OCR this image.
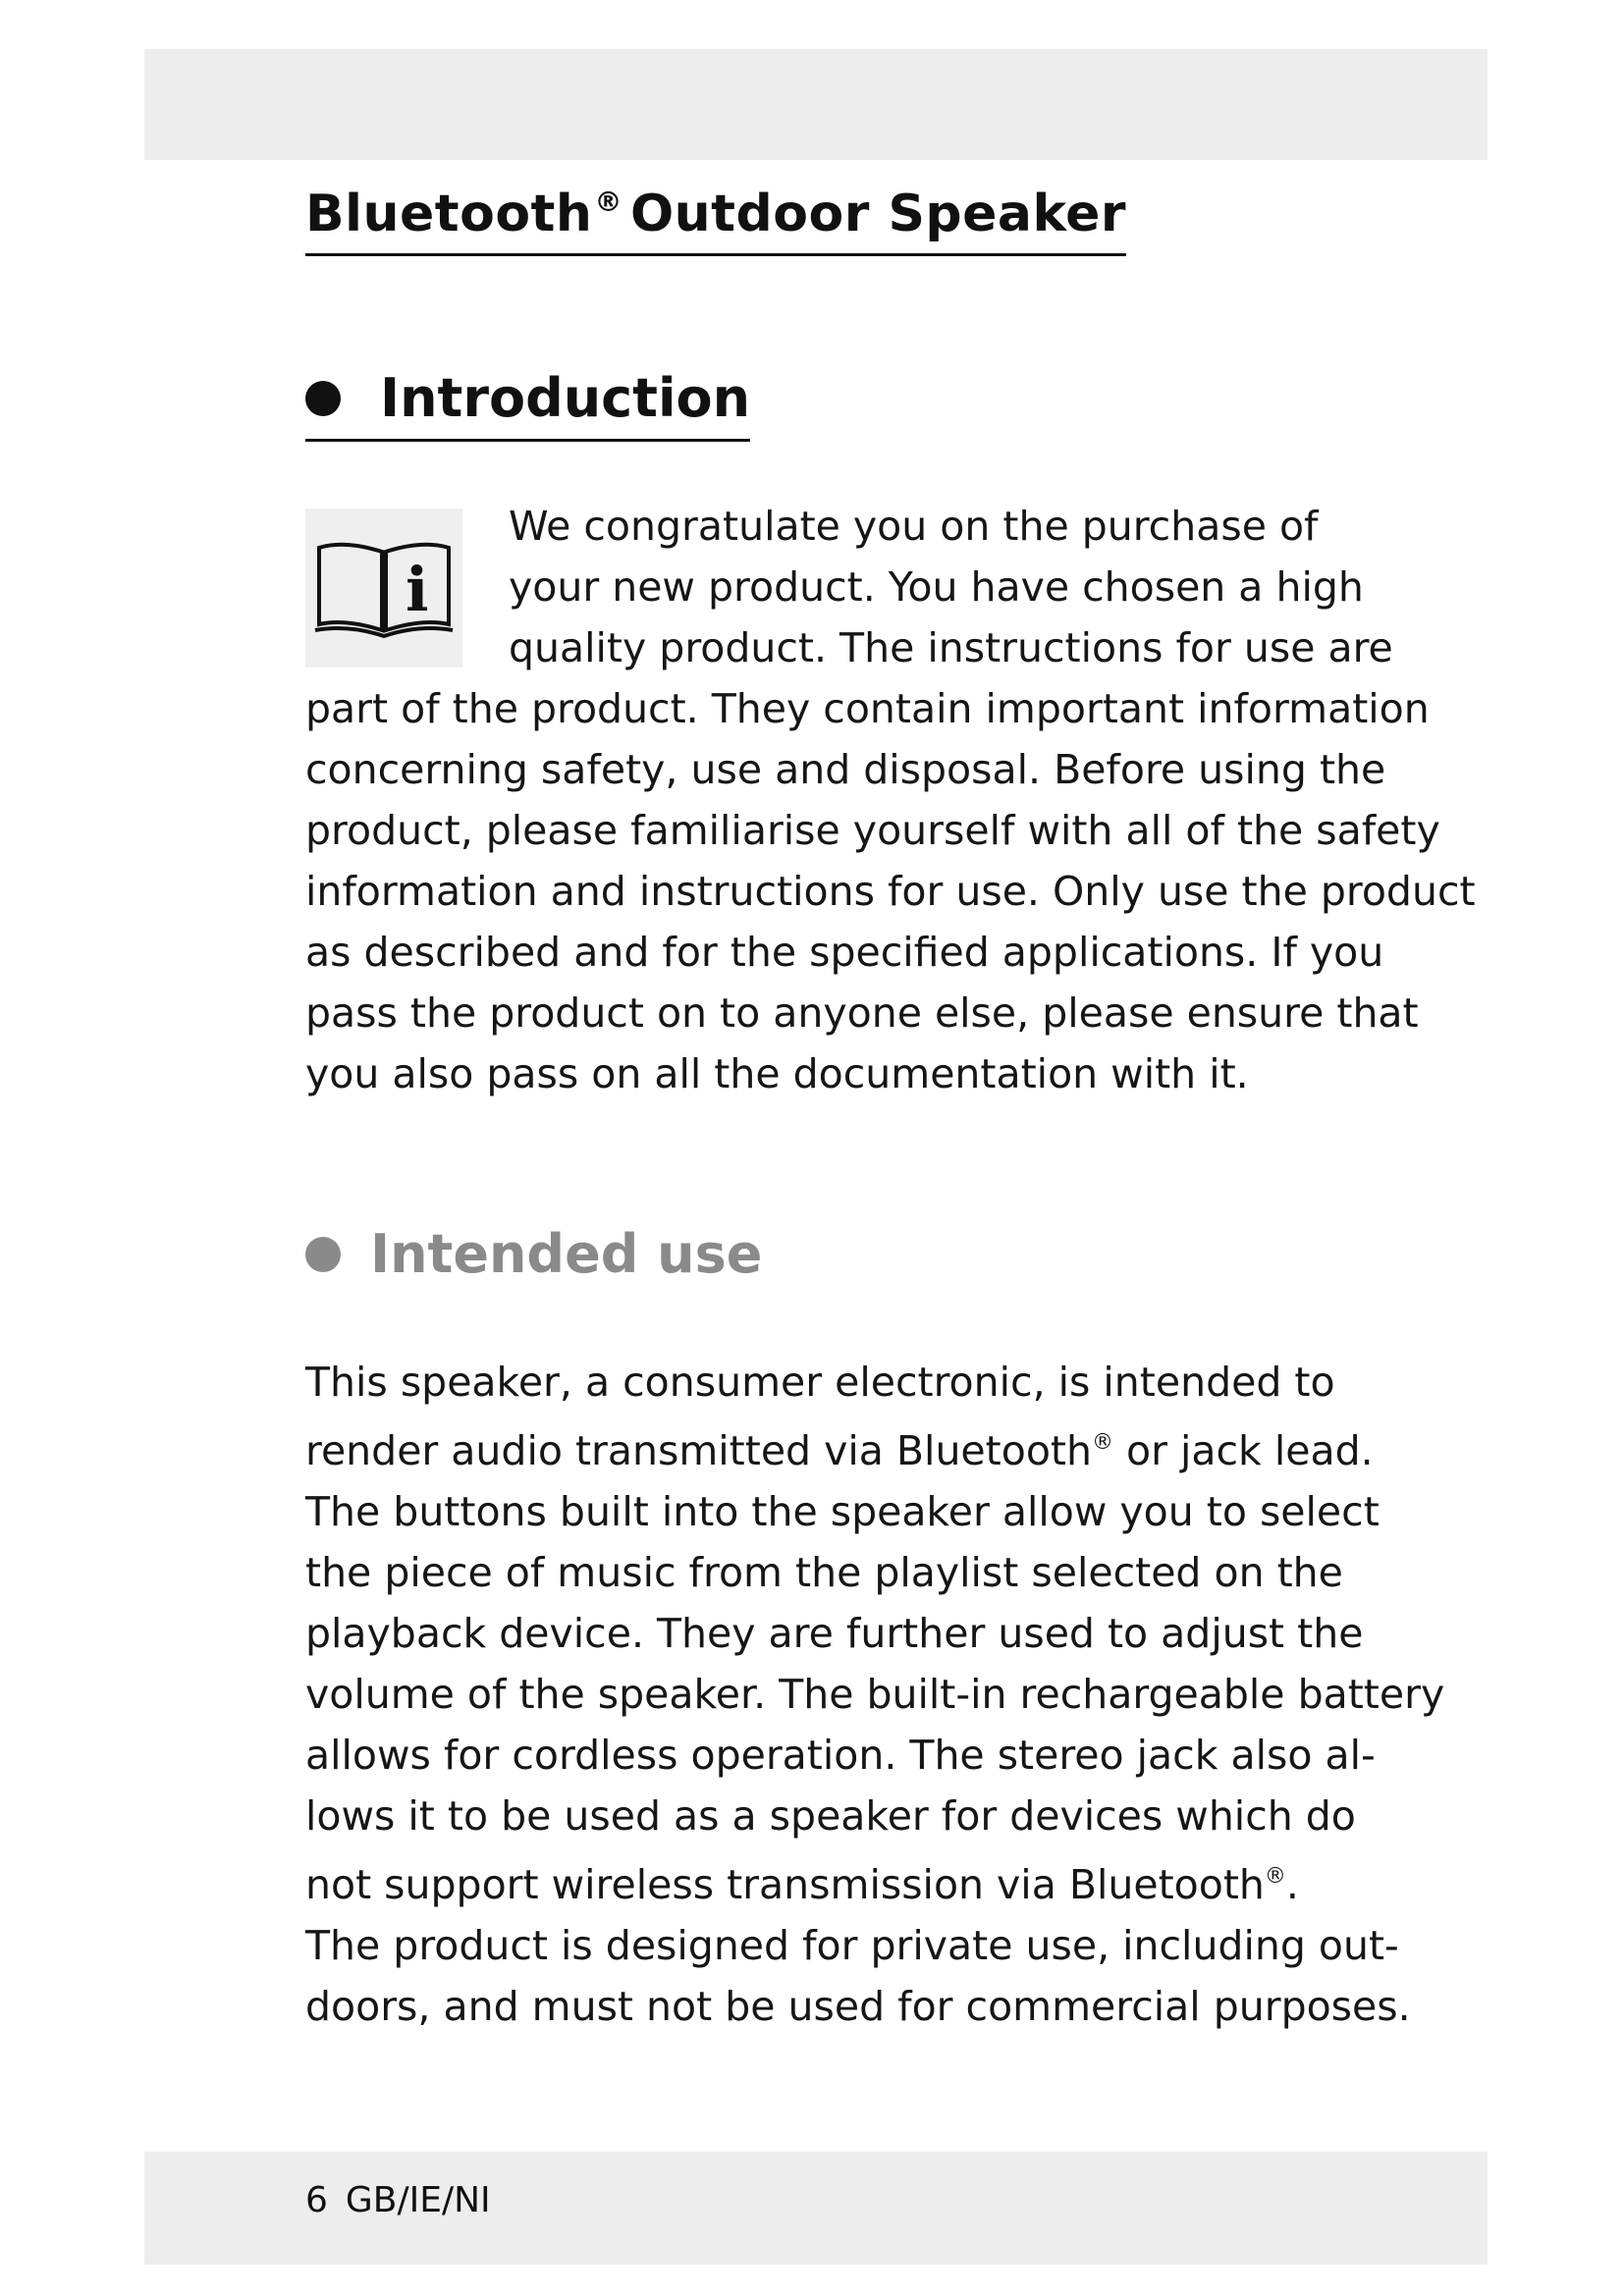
Bluetooth® Outdoor Speaker
Introduction
i
We congratulate you on the purchase of
your new product. You have chosen a high
quality product. The instructions for use are
part of the product. They contain important information
concerning safety, use and disposal. Before using the
product, please familiarise yourself with all of the safety
information and instructions for use. Only use the product
as described and for the specified applications. If you
pass the product on to anyone else, please ensure that
you also pass on all the documentation with it.
Intended use
This speaker, a consumer electronic, is intended to
render audio transmitted via Bluetooth® or jack lead.
The buttons built into the speaker allow you to select
the piece of music from the playlist selected on the
playback device. They are further used to adjust the
volume of the speaker. The built-in rechargeable battery
allows for cordless operation. The stereo jack also al-
lows it to be used as a speaker for devices which do
not support wireless transmission via Bluetooth®.
The product is designed for private use, including out-
doors, and must not be used for commercial purposes.
6 GB/IE/NI
